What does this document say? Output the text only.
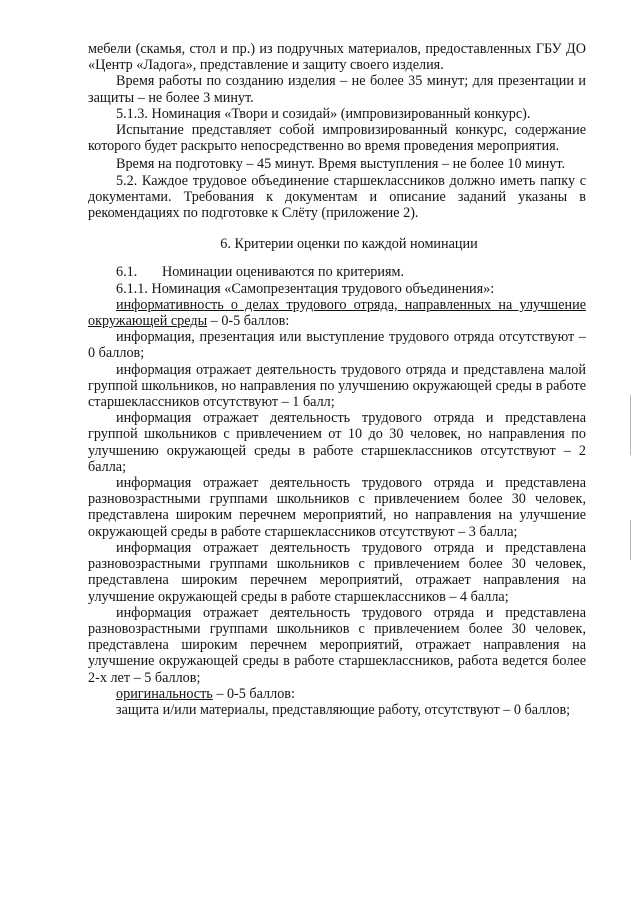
мебели (скамья, стол и пр.) из подручных материалов, предоставленных ГБУ ДО «Центр «Ладога», представление и защиту своего изделия.

Время работы по созданию изделия – не более 35 минут; для презентации и защиты – не более 3 минут.

5.1.3. Номинация «Твори и созидай» (импровизированный конкурс).

Испытание представляет собой импровизированный конкурс, содержание которого будет раскрыто непосредственно во время проведения мероприятия.

Время на подготовку – 45 минут. Время выступления – не более 10 минут.

5.2. Каждое трудовое объединение старшеклассников должно иметь папку с документами. Требования к документам и описание заданий указаны в рекомендациях по подготовке к Слёту (приложение 2).

6. Критерии оценки по каждой номинации

6.1. Номинации оцениваются по критериям.

6.1.1. Номинация «Самопрезентация трудового объединения»:

информативность о делах трудового отряда, направленных на улучшение окружающей среды – 0-5 баллов:

информация, презентация или выступление трудового отряда отсутствуют – 0 баллов;

информация отражает деятельность трудового отряда и представлена малой группой школьников, но направления по улучшению окружающей среды в работе старшеклассников отсутствуют – 1 балл;

информация отражает деятельность трудового отряда и представлена группой школьников с привлечением от 10 до 30 человек, но направления по улучшению окружающей среды в работе старшеклассников отсутствуют – 2 балла;

информация отражает деятельность трудового отряда и представлена разновозрастными группами школьников с привлечением более 30 человек, представлена широким перечнем мероприятий, но направления на улучшение окружающей среды в работе старшеклассников отсутствуют – 3 балла;

информация отражает деятельность трудового отряда и представлена разновозрастными группами школьников с привлечением более 30 человек, представлена широким перечнем мероприятий, отражает направления на улучшение окружающей среды в работе старшеклассников – 4 балла;

информация отражает деятельность трудового отряда и представлена разновозрастными группами школьников с привлечением более 30 человек, представлена широким перечнем мероприятий, отражает направления на улучшение окружающей среды в работе старшеклассников, работа ведется более 2-х лет – 5 баллов;

оригинальность – 0-5 баллов:

защита и/или материалы, представляющие работу, отсутствуют – 0 баллов;
